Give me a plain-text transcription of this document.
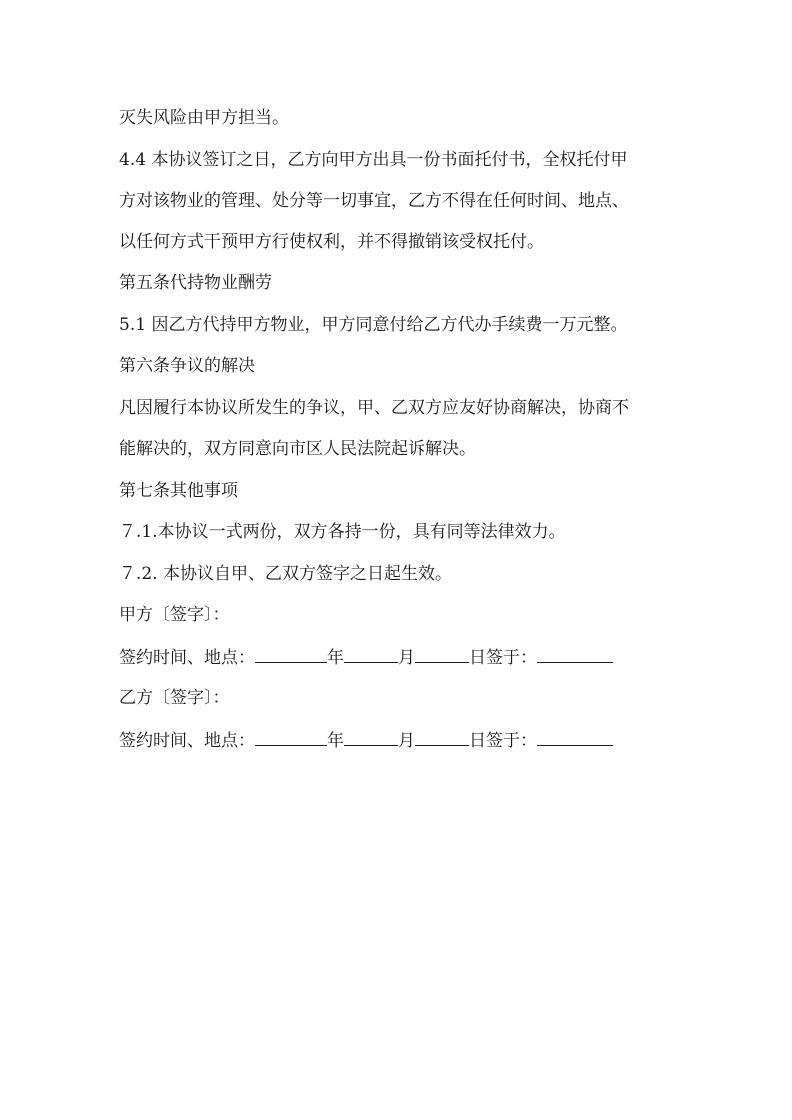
灭失风险由甲方担当。
4.4 本协议签订之日，乙方向甲方出具一份书面托付书，全权托付甲
方对该物业的管理、处分等一切事宜，乙方不得在任何时间、地点、
以任何方式干预甲方行使权利，并不得撤销该受权托付。
第五条代持物业酬劳
5.1 因乙方代持甲方物业，甲方同意付给乙方代办手续费一万元整。
第六条争议的解决
凡因履行本协议所发生的争议，甲、乙双方应友好协商解决，协商不
能解决的，双方同意向市区人民法院起诉解决。
第七条其他事项
７.1.本协议一式两份，双方各持一份，具有同等法律效力。
７.2. 本协议自甲、乙双方签字之日起生效。
甲方〔签字〕：
签约时间、地点：	年	月	日签于：
乙方〔签字〕：
签约时间、地点：	年	月	日签于：
